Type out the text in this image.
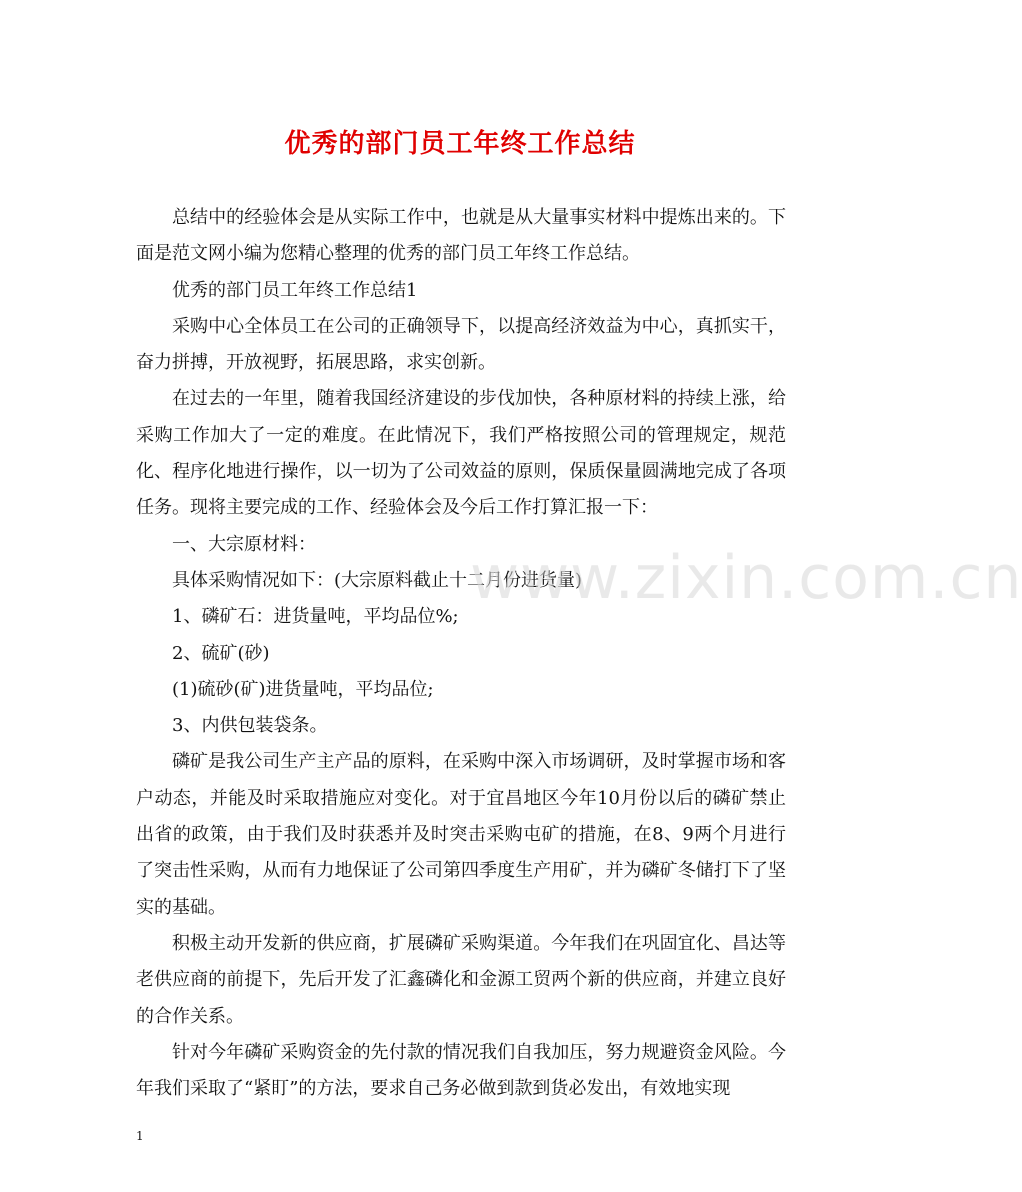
优秀的部门员工年终工作总结

总结中的经验体会是从实际工作中，也就是从大量事实材料中提炼出来的。下面是范文网小编为您精心整理的优秀的部门员工年终工作总结。

优秀的部门员工年终工作总结1

采购中心全体员工在公司的正确领导下，以提高经济效益为中心，真抓实干，奋力拼搏，开放视野，拓展思路，求实创新。

在过去的一年里，随着我国经济建设的步伐加快，各种原材料的持续上涨，给采购工作加大了一定的难度。在此情况下，我们严格按照公司的管理规定，规范化、程序化地进行操作，以一切为了公司效益的原则，保质保量圆满地完成了各项任务。现将主要完成的工作、经验体会及今后工作打算汇报一下：

一、大宗原材料：

具体采购情况如下：(大宗原料截止十二月份进货量)

1、磷矿石：进货量吨，平均品位%;

2、硫矿(砂)

(1)硫砂(矿)进货量吨，平均品位;

3、内供包装袋条。

磷矿是我公司生产主产品的原料，在采购中深入市场调研，及时掌握市场和客户动态，并能及时采取措施应对变化。对于宜昌地区今年10月份以后的磷矿禁止出省的政策，由于我们及时获悉并及时突击采购屯矿的措施，在8、9两个月进行了突击性采购，从而有力地保证了公司第四季度生产用矿，并为磷矿冬储打下了坚实的基础。

积极主动开发新的供应商，扩展磷矿采购渠道。今年我们在巩固宜化、昌达等老供应商的前提下，先后开发了汇鑫磷化和金源工贸两个新的供应商，并建立良好的合作关系。

针对今年磷矿采购资金的先付款的情况我们自我加压，努力规避资金风险。今年我们采取了“紧盯”的方法，要求自己务必做到款到货必发出，有效地实现

www.zixin.com.cn
1
